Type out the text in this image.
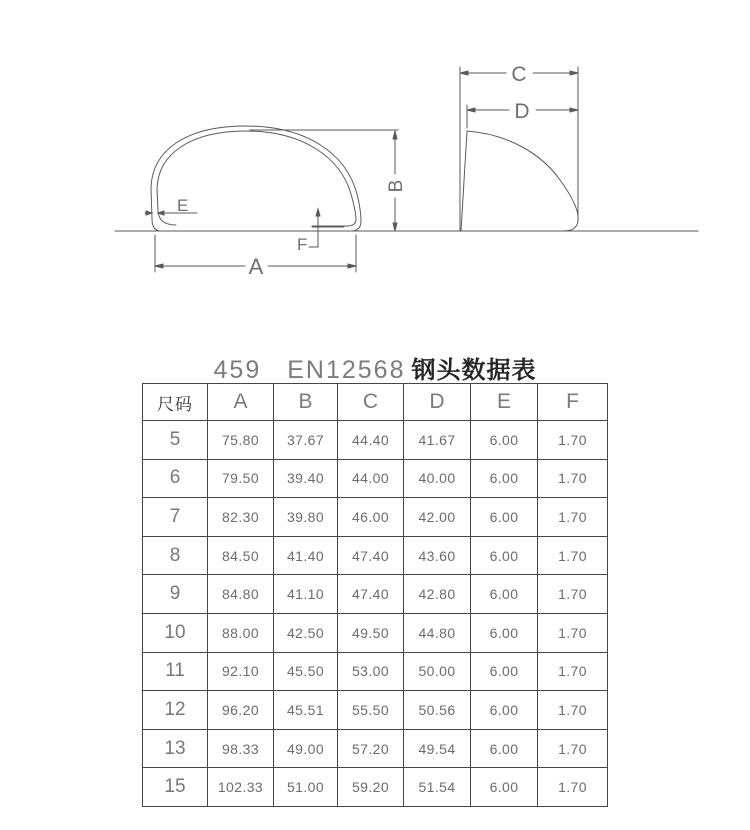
E
F
A
B
C
D
459 EN12568 钢头数据表
尺码	A	B	C	D	E	F
5	75.80	37.67	44.40	41.67	6.00	1.70
6	79.50	39.40	44.00	40.00	6.00	1.70
7	82.30	39.80	46.00	42.00	6.00	1.70
8	84.50	41.40	47.40	43.60	6.00	1.70
9	84.80	41.10	47.40	42.80	6.00	1.70
10	88.00	42.50	49.50	44.80	6.00	1.70
11	92.10	45.50	53.00	50.00	6.00	1.70
12	96.20	45.51	55.50	50.56	6.00	1.70
13	98.33	49.00	57.20	49.54	6.00	1.70
15	102.33	51.00	59.20	51.54	6.00	1.70
